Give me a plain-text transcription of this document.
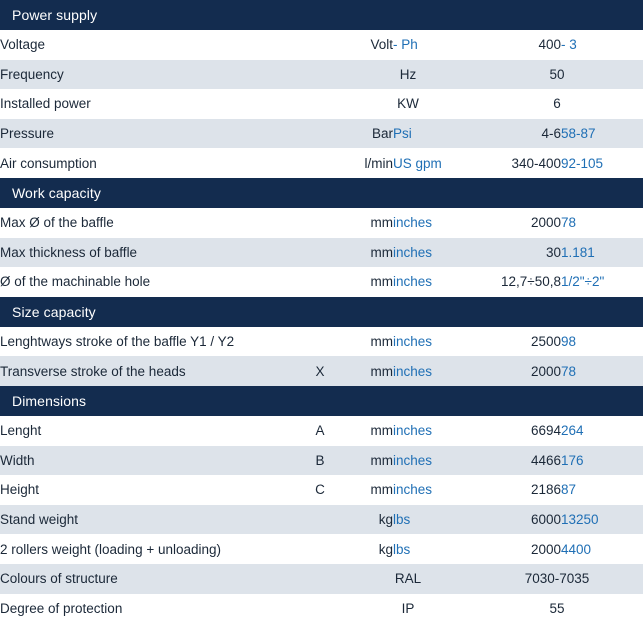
Power supply					
Voltage		Volt	- Ph	400	- 3
Frequency		Hz		50	
Installed power		KW		6	
Pressure		Bar	Psi	4-6	58-87
Air consumption		l/min	US gpm	340-400	92-105
Work capacity					
Max Ø of the baffle		mm	inches	2000	78
Max thickness of baffle		mm	inches	30	1.181
Ø of the machinable hole		mm	inches	12,7÷50,8	1/2"÷2"
Size capacity					
Lenghtways stroke of the baffle Y1 / Y2		mm	inches	2500	98
Transverse stroke of the heads	X	mm	inches	2000	78
Dimensions					
Lenght	A	mm	inches	6694	264
Width	B	mm	inches	4466	176
Height	C	mm	inches	2186	87
Stand weight		kg	lbs	6000	13250
2 rollers weight (loading + unloading)		kg	lbs	2000	4400
Colours of structure		RAL		7030-7035	
Degree of protection		IP		55	
